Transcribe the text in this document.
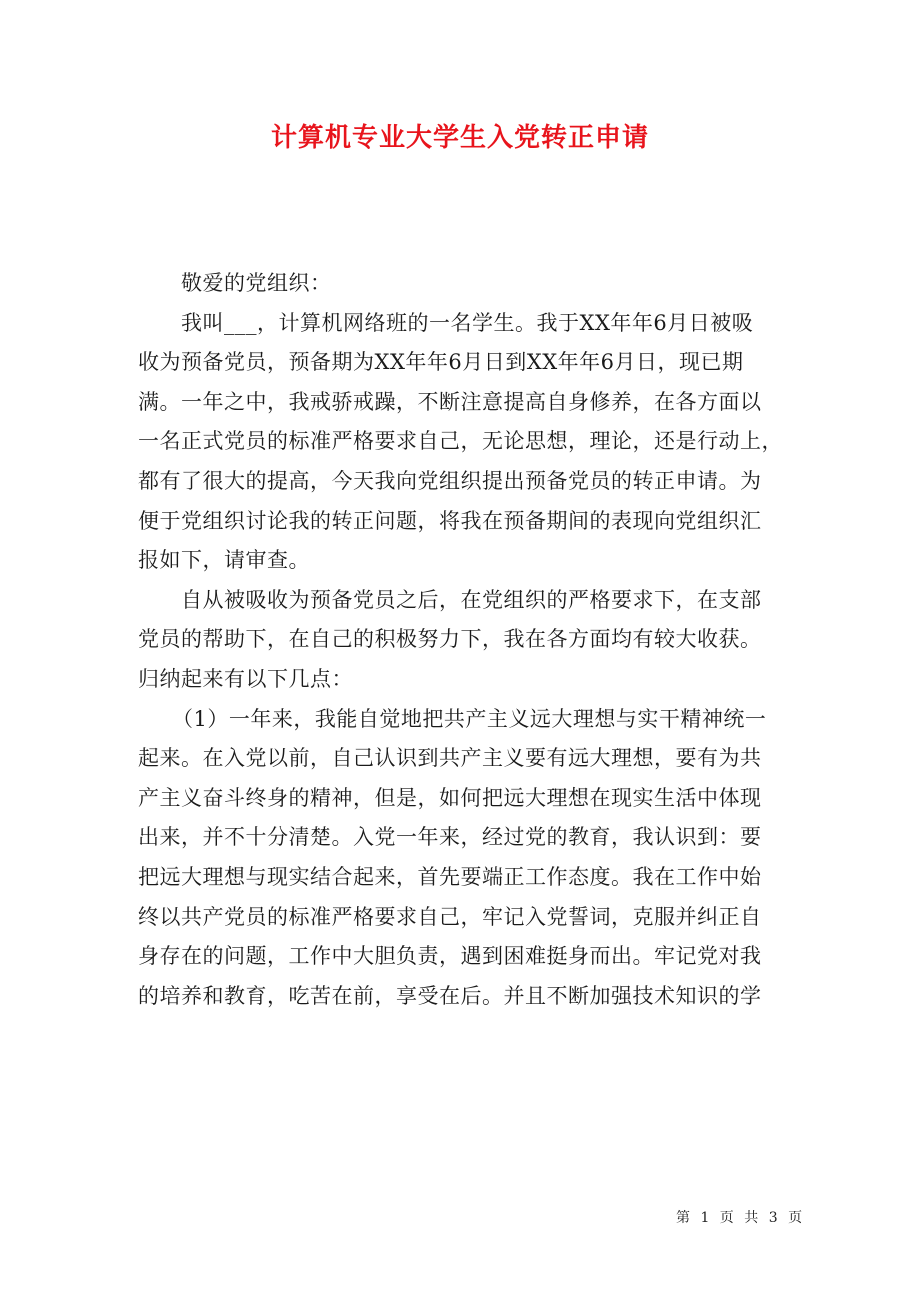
计算机专业大学生入党转正申请
敬爱的党组织：
我叫___，计算机网络班的一名学生。我于XX年年6月日被吸
收为预备党员，预备期为XX年年6月日到XX年年6月日，现已期
满。一年之中，我戒骄戒躁，不断注意提高自身修养，在各方面以
一名正式党员的标准严格要求自己，无论思想，理论，还是行动上，
都有了很大的提高，今天我向党组织提出预备党员的转正申请。为
便于党组织讨论我的转正问题，将我在预备期间的表现向党组织汇
报如下，请审查。
自从被吸收为预备党员之后，在党组织的严格要求下，在支部
党员的帮助下，在自己的积极努力下，我在各方面均有较大收获。
归纳起来有以下几点：
（1）一年来，我能自觉地把共产主义远大理想与实干精神统一
起来。在入党以前，自己认识到共产主义要有远大理想，要有为共
产主义奋斗终身的精神，但是，如何把远大理想在现实生活中体现
出来，并不十分清楚。入党一年来，经过党的教育，我认识到：要
把远大理想与现实结合起来，首先要端正工作态度。我在工作中始
终以共产党员的标准严格要求自己，牢记入党誓词，克服并纠正自
身存在的问题，工作中大胆负责，遇到困难挺身而出。牢记党对我
的培养和教育，吃苦在前，享受在后。并且不断加强技术知识的学
第 1 页 共 3 页
